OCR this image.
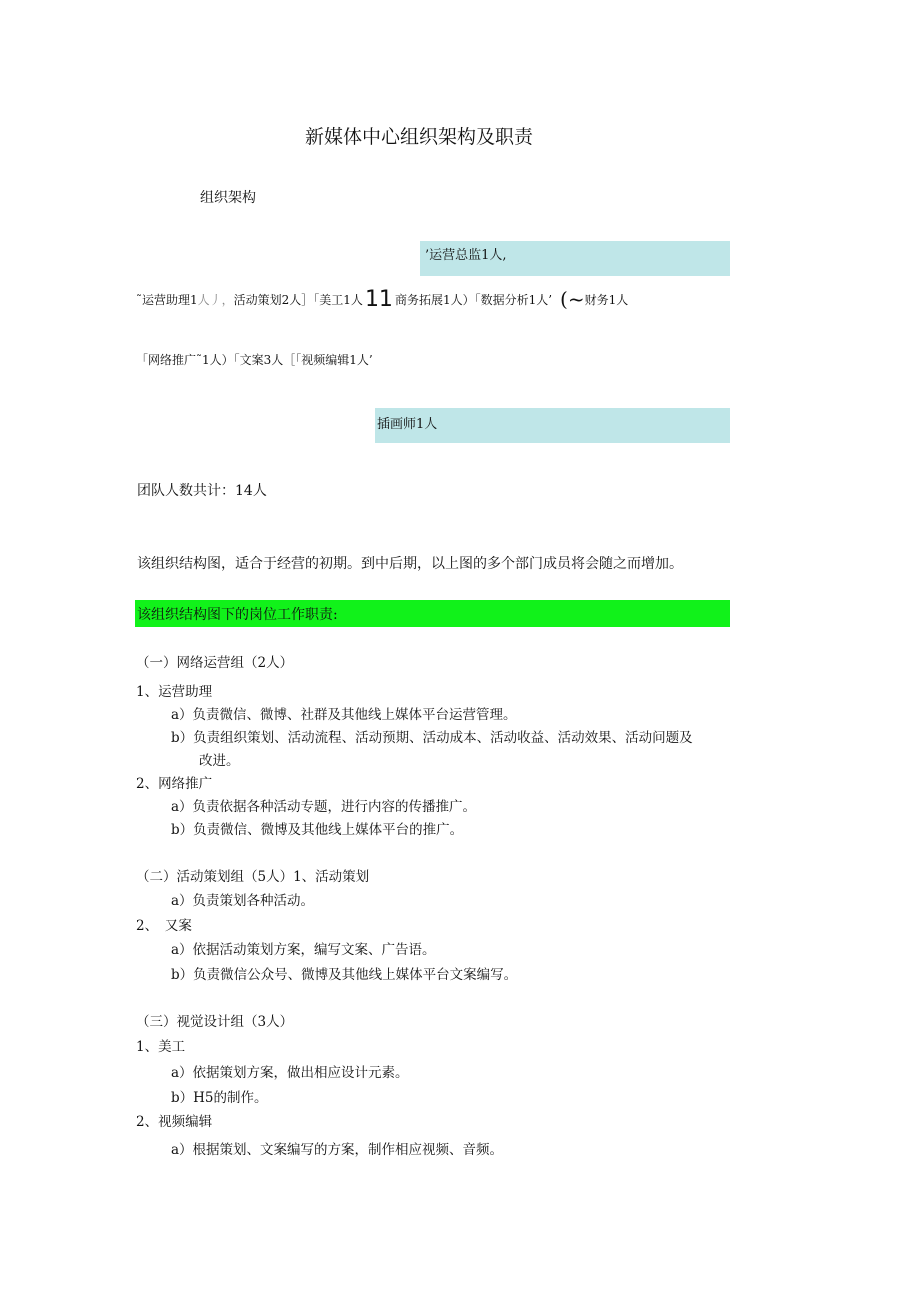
新媒体中心组织架构及职责
组织架构
’运营总监1人,
˜运营助理1 人丿， 活动策划2人］「美工1人 11 商务拓展1人）「数据分析1人’ ( ~ 财务1人
「网络推广˜1人）「文案3人［「视频编辑1人’
插画师1人
团队人数共计：14人
该组织结构图，适合于经营的初期。到中后期，以上图的多个部门成员将会随之而增加。
该组织结构图下的岗位工作职责:
（一）网络运营组（2人）
1、运营助理
a）负责微信、微博、社群及其他线上媒体平台运营管理。
b）负责组织策划、活动流程、活动预期、活动成本、活动收益、活动效果、活动问题及
改进。
2、网络推广
a）负责依据各种活动专题，进行内容的传播推广。
b）负责微信、微博及其他线上媒体平台的推广。
（二）活动策划组（5人）1、活动策划
a）负责策划各种活动。
2、　又案
a）依据活动策划方案，编写文案、广告语。
b）负责微信公众号、微博及其他线上媒体平台文案编写。
（三）视觉设计组（3人）
1、美工
a）依据策划方案，做出相应设计元素。
b）H5的制作。
2、视频编辑
a）根据策划、文案编写的方案，制作相应视频、音频。
